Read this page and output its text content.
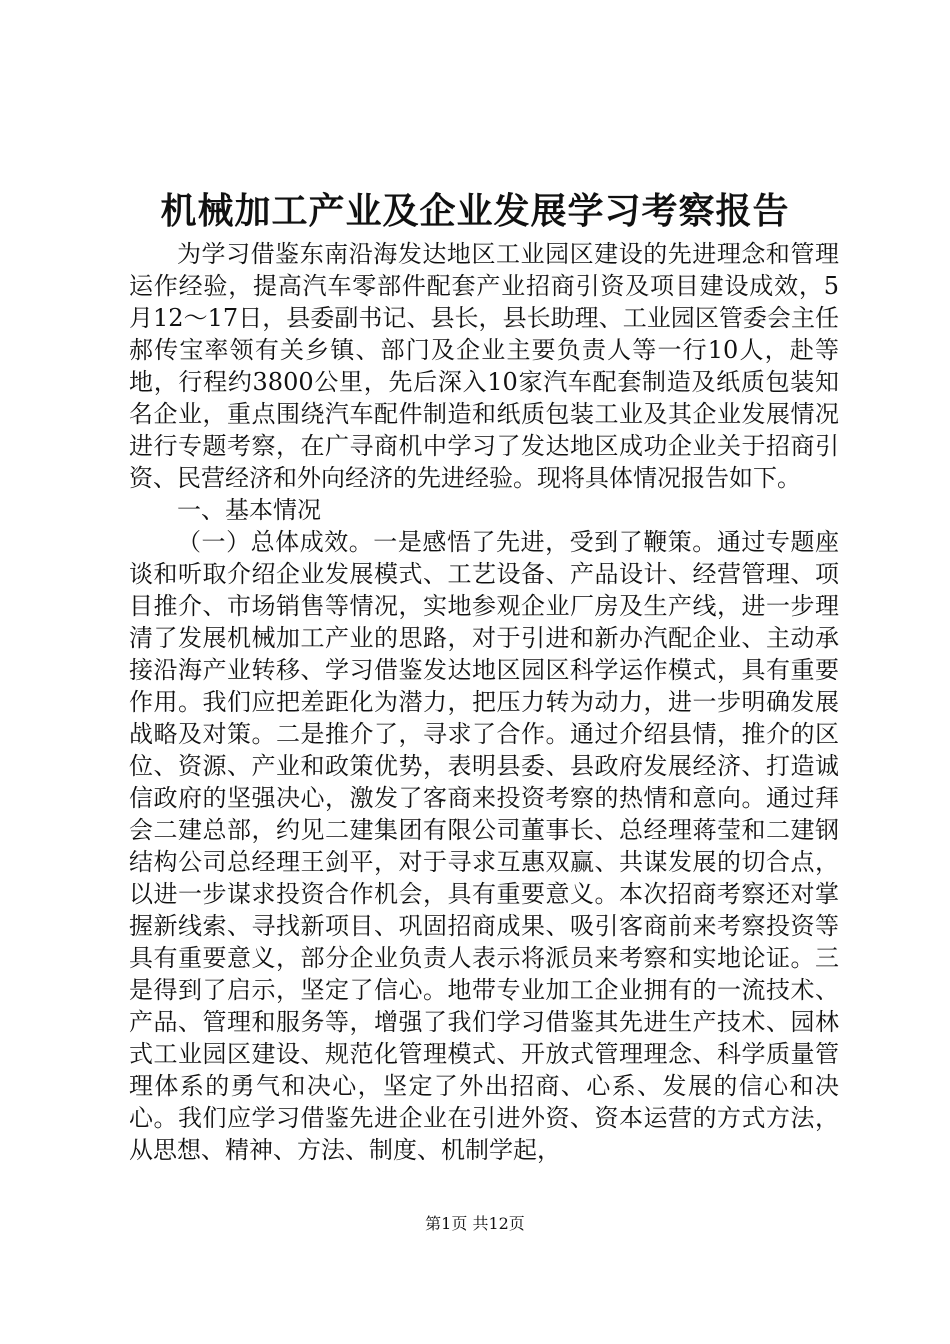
机械加工产业及企业发展学习考察报告

为学习借鉴东南沿海发达地区工业园区建设的先进理念和管理运作经验，提高汽车零部件配套产业招商引资及项目建设成效，5月12～17日，县委副书记、县长，县长助理、工业园区管委会主任郝传宝率领有关乡镇、部门及企业主要负责人等一行10人，赴等地，行程约3800公里，先后深入10家汽车配套制造及纸质包装知名企业，重点围绕汽车配件制造和纸质包装工业及其企业发展情况进行专题考察，在广寻商机中学习了发达地区成功企业关于招商引资、民营经济和外向经济的先进经验。现将具体情况报告如下。

一、基本情况

（一）总体成效。一是感悟了先进，受到了鞭策。通过专题座谈和听取介绍企业发展模式、工艺设备、产品设计、经营管理、项目推介、市场销售等情况，实地参观企业厂房及生产线，进一步理清了发展机械加工产业的思路，对于引进和新办汽配企业、主动承接沿海产业转移、学习借鉴发达地区园区科学运作模式，具有重要作用。我们应把差距化为潜力，把压力转为动力，进一步明确发展战略及对策。二是推介了，寻求了合作。通过介绍县情，推介的区位、资源、产业和政策优势，表明县委、县政府发展经济、打造诚信政府的坚强决心，激发了客商来投资考察的热情和意向。通过拜会二建总部，约见二建集团有限公司董事长、总经理蒋莹和二建钢结构公司总经理王剑平，对于寻求互惠双赢、共谋发展的切合点，以进一步谋求投资合作机会，具有重要意义。本次招商考察还对掌握新线索、寻找新项目、巩固招商成果、吸引客商前来考察投资等具有重要意义，部分企业负责人表示将派员来考察和实地论证。三是得到了启示，坚定了信心。地带专业加工企业拥有的一流技术、产品、管理和服务等，增强了我们学习借鉴其先进生产技术、园林式工业园区建设、规范化管理模式、开放式管理理念、科学质量管理体系的勇气和决心，坚定了外出招商、心系、发展的信心和决心。我们应学习借鉴先进企业在引进外资、资本运营的方式方法，从思想、精神、方法、制度、机制学起，

第1页 共12页
